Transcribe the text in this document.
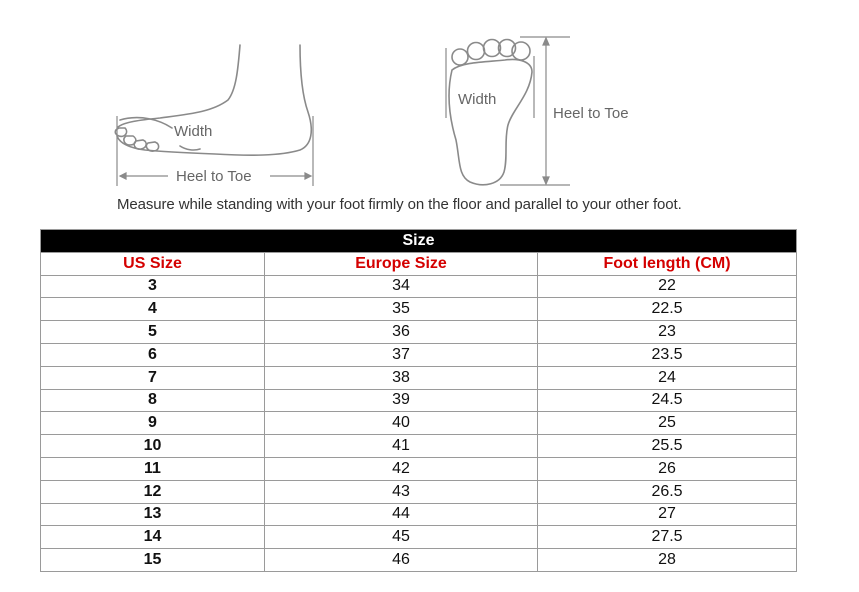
Width
Heel to Toe
Width
Heel to Toe
Measure while standing with your foot firmly on the floor and parallel to your other foot.
Size		
US Size	Europe Size	Foot length (CM)
3	34	22
4	35	22.5
5	36	23
6	37	23.5
7	38	24
8	39	24.5
9	40	25
10	41	25.5
11	42	26
12	43	26.5
13	44	27
14	45	27.5
15	46	28
